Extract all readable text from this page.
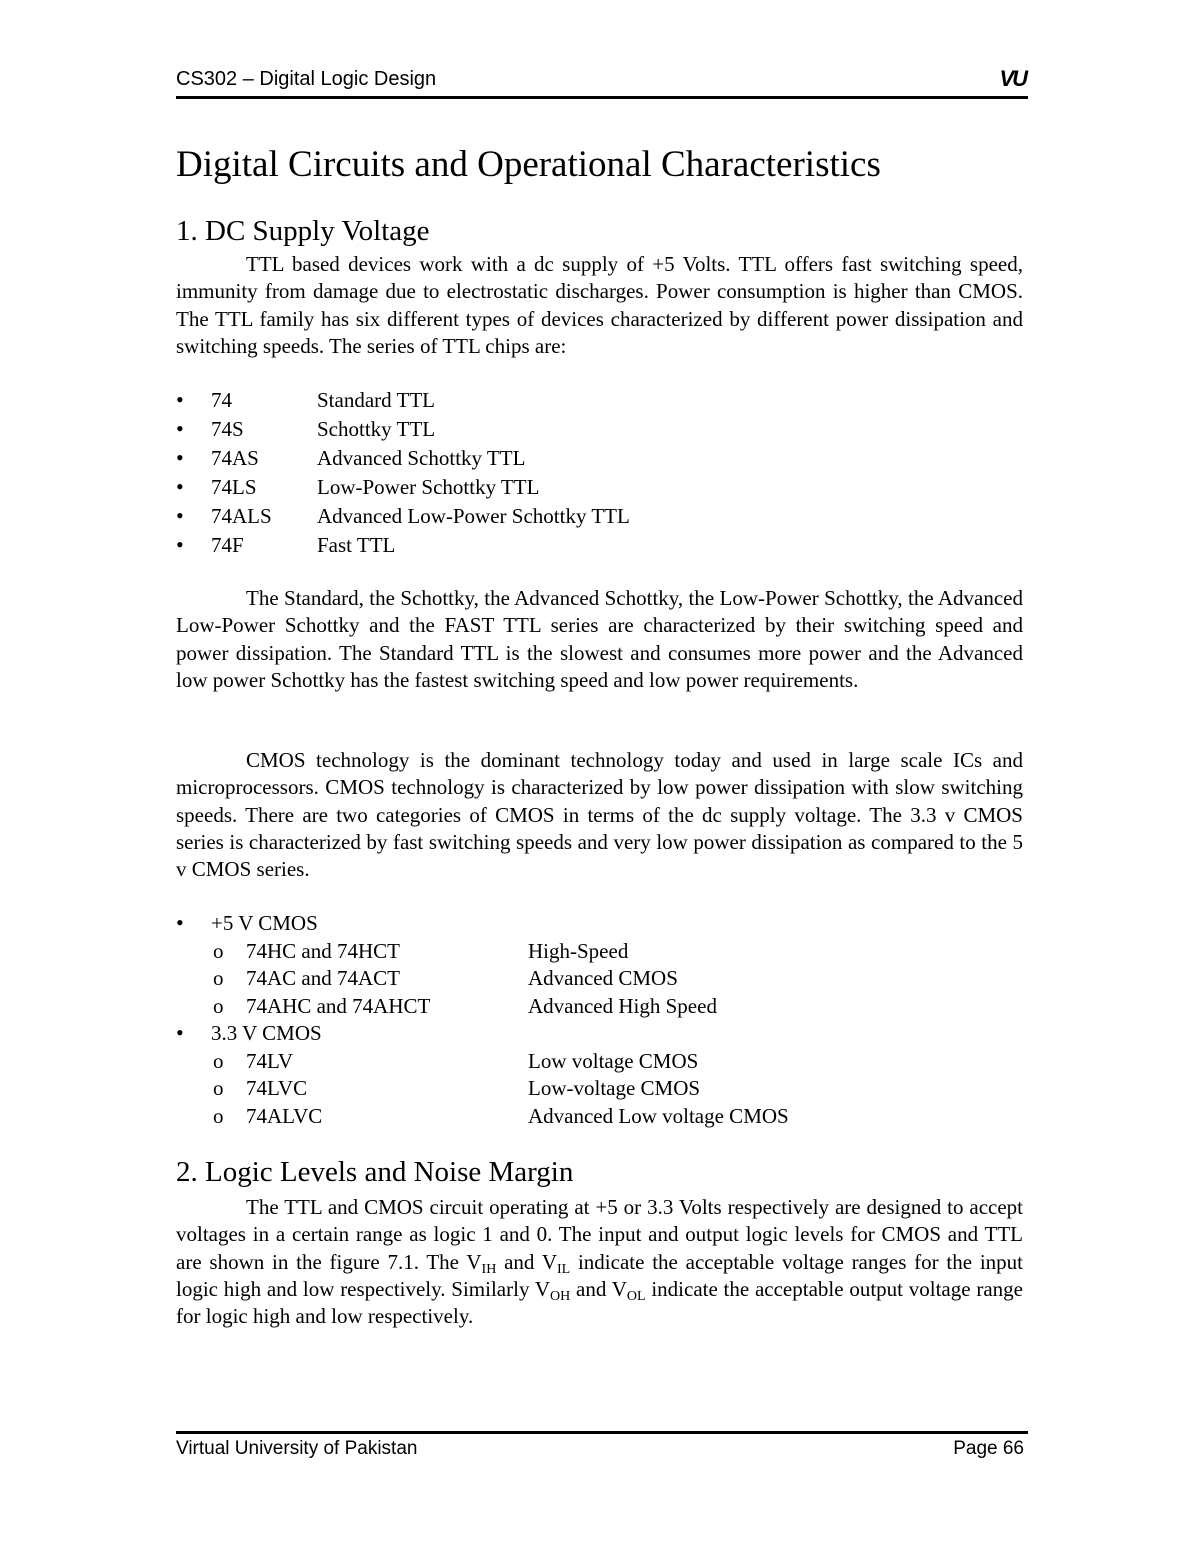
CS302 – Digital Logic Design	VU
Digital Circuits and Operational Characteristics
1. DC Supply Voltage
TTL based devices work with a dc supply of +5 Volts. TTL offers fast switching speed, immunity from damage due to electrostatic discharges. Power consumption is higher than CMOS. The TTL family has six different types of devices characterized by different power dissipation and switching speeds. The series of TTL chips are:
• 74	Standard TTL
• 74S	Schottky TTL
• 74AS	Advanced Schottky TTL
• 74LS	Low-Power Schottky TTL
• 74ALS Advanced Low-Power Schottky TTL
• 74F	Fast TTL
The Standard, the Schottky, the Advanced Schottky, the Low-Power Schottky, the Advanced Low-Power Schottky and the FAST TTL series are characterized by their switching speed and power dissipation. The Standard TTL is the slowest and consumes more power and the Advanced low power Schottky has the fastest switching speed and low power requirements.
CMOS technology is the dominant technology today and used in large scale ICs and microprocessors. CMOS technology is characterized by low power dissipation with slow switching speeds. There are two categories of CMOS in terms of the dc supply voltage. The 3.3 v CMOS series is characterized by fast switching speeds and very low power dissipation as compared to the 5 v CMOS series.
• +5 V CMOS
o 74HC and 74HCT	High-Speed
o 74AC and 74ACT	Advanced CMOS
o 74AHC and 74AHCT	Advanced High Speed
• 3.3 V CMOS
o 74LV	Low voltage CMOS
o 74LVC	Low-voltage CMOS
o 74ALVC	Advanced Low voltage CMOS
2. Logic Levels and Noise Margin
The TTL and CMOS circuit operating at +5 or 3.3 Volts respectively are designed to accept voltages in a certain range as logic 1 and 0. The input and output logic levels for CMOS and TTL are shown in the figure 7.1. The $V_{IH}$ and $V_{IL}$ indicate the acceptable voltage ranges for the input logic high and low respectively. Similarly $V_{OH}$ and $V_{OL}$ indicate the acceptable output voltage range for logic high and low respectively.
Virtual University of Pakistan	Page 66
